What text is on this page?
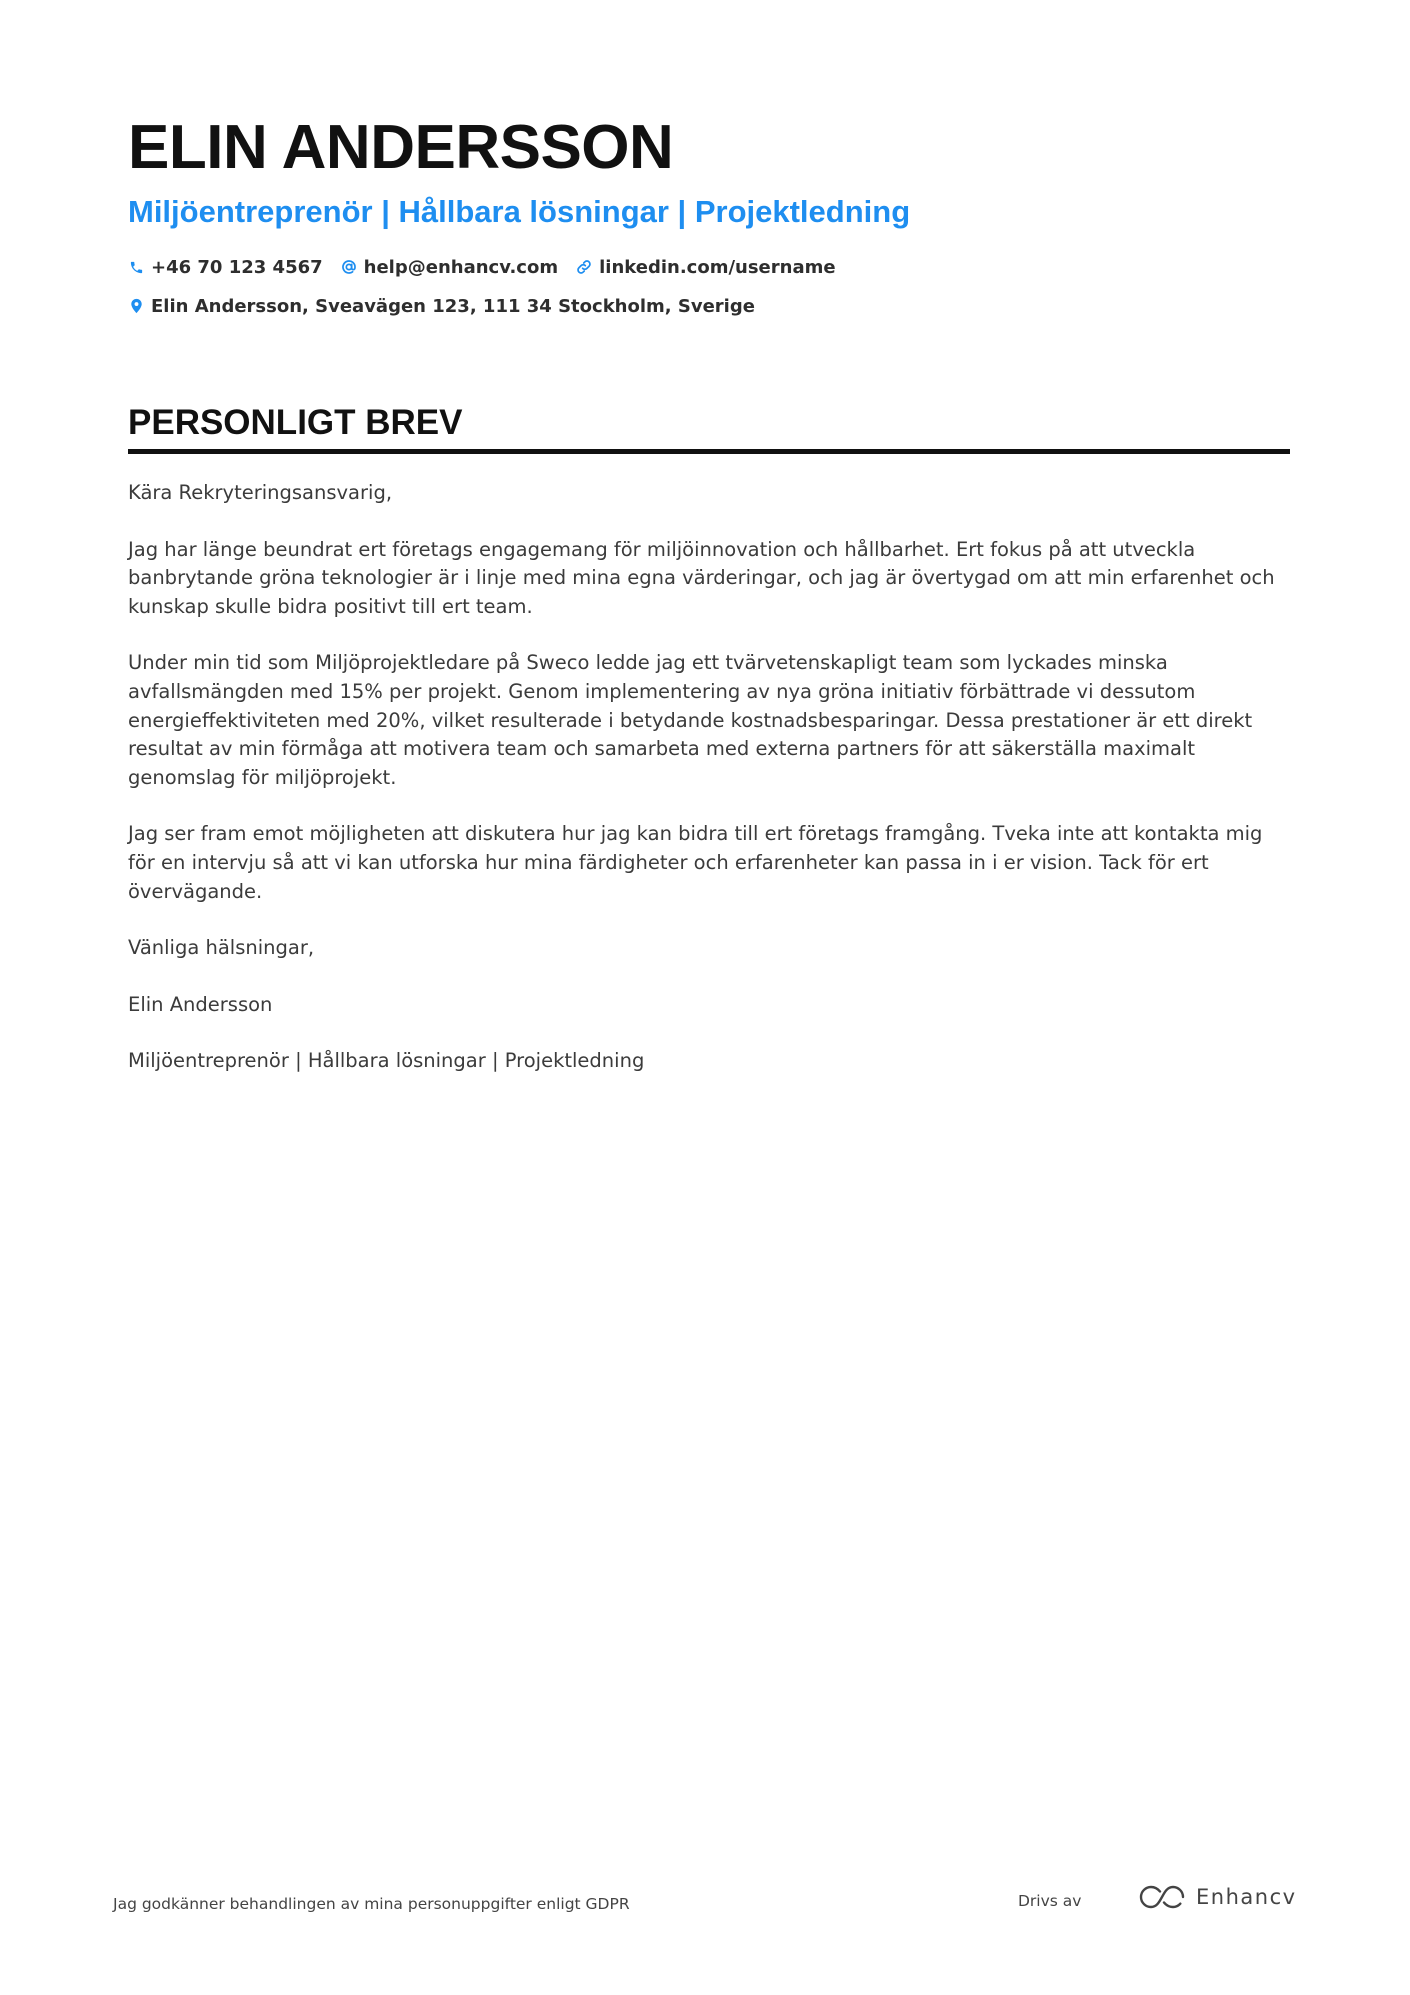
ELIN ANDERSSON
Miljöentreprenör | Hållbara lösningar | Projektledning
+46 70 123 4567 help@enhancv.com linkedin.com/username
Elin Andersson, Sveavägen 123, 111 34 Stockholm, Sverige
PERSONLIGT BREV

Kära Rekryteringsansvarig,

Jag har länge beundrat ert företags engagemang för miljöinnovation och hållbarhet. Ert fokus på att utveckla banbrytande gröna teknologier är i linje med mina egna värderingar, och jag är övertygad om att min erfarenhet och kunskap skulle bidra positivt till ert team.

Under min tid som Miljöprojektledare på Sweco ledde jag ett tvärvetenskapligt team som lyckades minska avfallsmängden med 15% per projekt. Genom implementering av nya gröna initiativ förbättrade vi dessutom energieffektiviteten med 20%, vilket resulterade i betydande kostnadsbesparingar. Dessa prestationer är ett direkt resultat av min förmåga att motivera team och samarbeta med externa partners för att säkerställa maximalt genomslag för miljöprojekt.

Jag ser fram emot möjligheten att diskutera hur jag kan bidra till ert företags framgång. Tveka inte att kontakta mig för en intervju så att vi kan utforska hur mina färdigheter och erfarenheter kan passa in i er vision. Tack för ert övervägande.

Vänliga hälsningar,

Elin Andersson

Miljöentreprenör | Hållbara lösningar | Projektledning

Jag godkänner behandlingen av mina personuppgifter enligt GDPR	Drivs av	Enhancv
